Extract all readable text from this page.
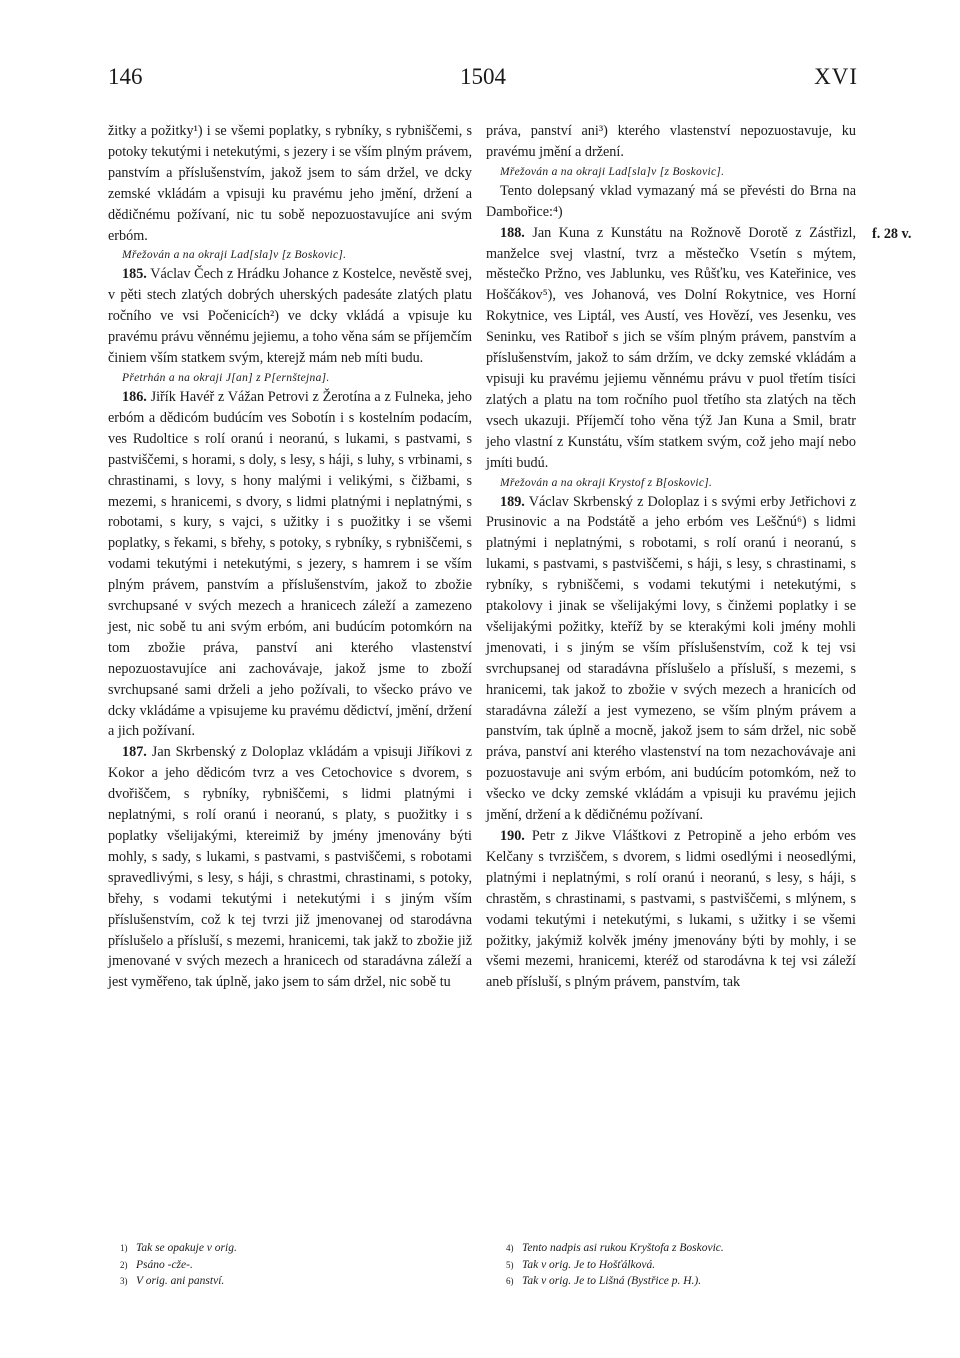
146	1504	XVI
f. 28 v.

žitky a požitky¹) i se všemi poplatky, s rybníky, s rybniščemi, s potoky tekutými i netekutými, s jezery i se vším plným právem, panstvím a příslušenstvím, jakož jsem to sám držel, ve dcky zemské vkládám a vpisuji ku pravému jeho jmění, držení a dědičnému požívaní, nic tu sobě nepozuostavujíce ani svým erbóm.

Mřežován a na okraji Lad[sla]v [z Boskovic].

185. Václav Čech z Hrádku Johance z Kostelce, nevěstě svej, v pěti stech zlatých dobrých uherských padesáte zlatých platu ročního ve vsi Počenicích²) ve dcky vkládá a vpisuje ku pravému právu věnnému jejiemu, a toho věna sám se příjemčím činiem vším statkem svým, kterejž mám neb míti budu.

Přetrhán a na okraji J[an] z P[ernštejna].

186. Jiřík Havéř z Vážan Petrovi z Žerotína a z Fulneka, jeho erbóm a dědicóm budúcím ves Sobotín i s kostelním podacím, ves Rudoltice s rolí oranú i neoranú, s lukami, s pastvami, s pastviščemi, s horami, s doly, s lesy, s háji, s luhy, s vrbinami, s chrastinami, s lovy, s hony malými i velikými, s čižbami, s mezemi, s hranicemi, s dvory, s lidmi platnými i neplatnými, s robotami, s kury, s vajci, s užitky i s puožitky i se všemi poplatky, s řekami, s břehy, s potoky, s rybníky, s rybniščemi, s vodami tekutými i netekutými, s jezery, s hamrem i se vším plným právem, panstvím a příslušenstvím, jakož to zbožie svrchupsané v svých mezech a hranicech záleží a zamezeno jest, nic sobě tu ani svým erbóm, ani budúcím potomkórn na tom zbožie práva, panství ani kterého vlastenství nepozuostavujíce ani zachovávaje, jakož jsme to zboží svrchupsané sami drželi a jeho požívali, to všecko právo ve dcky vkládáme a vpisujeme ku pravému dědictví, jmění, držení a jich požívaní.

187. Jan Skrbenský z Doloplaz vkládám a vpisuji Jiříkovi z Kokor a jeho dědicóm tvrz a ves Cetochovice s dvorem, s dvořiščem, s rybníky, rybniščemi, s lidmi platnými i neplatnými, s rolí oranú i neoranú, s platy, s puožitky i s poplatky všelijakými, ktereimiž by jmény jmenovány býti mohly, s sady, s lukami, s pastvami, s pastviščemi, s robotami spravedlivými, s lesy, s háji, s chrastmi, chrastinami, s potoky, břehy, s vodami tekutými i netekutými i s jiným vším příslušenstvím, což k tej tvrzi již jmenovanej od starodávna příslušelo a přísluší, s mezemi, hranicemi, tak jakž to zbožie již jmenované v svých mezech a hranicech od staradávna záleží a jest vyměřeno, tak úplně, jako jsem to sám držel, nic sobě tu

práva, panství ani³) kterého vlastenství nepozuostavuje, ku pravému jmění a držení.

Mřežován a na okraji Lad[sla]v [z Boskovic].

Tento dolepsaný vklad vymazaný má se převésti do Brna na Dambořice:⁴)

188. Jan Kuna z Kunstátu na Rožnově Dorotě z Zástřizl, manželce svej vlastní, tvrz a městečko Vsetín s mýtem, městečko Pržno, ves Jablunku, ves Růšťku, ves Kateřinice, ves Hoščákov⁵), ves Johanová, ves Dolní Rokytnice, ves Horní Rokytnice, ves Liptál, ves Austí, ves Hovězí, ves Jesenku, ves Seninku, ves Ratiboř s jich se vším plným právem, panstvím a příslušenstvím, jakož to sám držím, ve dcky zemské vkládám a vpisuji ku pravému jejiemu věnnému právu v puol třetím tisíci zlatých a platu na tom ročního puol třetího sta zlatých na těch vsech ukazuji. Příjemčí toho věna týž Jan Kuna a Smil, bratr jeho vlastní z Kunstátu, vším statkem svým, což jeho mají nebo jmíti budú.

Mřežován a na okraji Krystof z B[oskovic].

189. Václav Skrbenský z Doloplaz i s svými erby Jetřichovi z Prusinovic a na Podstátě a jeho erbóm ves Leščnú⁶) s lidmi platnými i neplatnými, s robotami, s rolí oranú i neoranú, s lukami, s pastvami, s pastviščemi, s háji, s lesy, s chrastinami, s rybníky, s rybniščemi, s vodami tekutými i netekutými, s ptakolovy i jinak se všelijakými lovy, s činžemi poplatky i se všelijakými požitky, kteříž by se kterakými koli jmény mohli jmenovati, i s jiným se vším příslušenstvím, což k tej vsi svrchupsanej od staradávna příslušelo a přísluší, s mezemi, s hranicemi, tak jakož to zbožie v svých mezech a hranicích od staradávna záleží a jest vymezeno, se vším plným právem a panstvím, tak úplně a mocně, jakož jsem to sám držel, nic sobě práva, panství ani kterého vlastenství na tom nezachovávaje ani pozuostavuje ani svým erbóm, ani budúcím potomkóm, než to všecko ve dcky zemské vkládám a vpisuji ku pravému jejich jmění, držení a k dědičnému požívaní.

190. Petr z Jikve Vláštkovi z Petropině a jeho erbóm ves Kelčany s tvrziščem, s dvorem, s lidmi osedlými i neosedlými, platnými i neplatnými, s rolí oranú i neoranú, s lesy, s háji, s chrastěm, s chrastinami, s pastvami, s pastviščemi, s mlýnem, s vodami tekutými i netekutými, s lukami, s užitky i se všemi požitky, jakýmiž kolvěk jmény jmenovány býti by mohly, i se všemi mezemi, hranicemi, kteréž od starodávna k tej vsi záleží aneb přísluší, s plným právem, panstvím, tak

1) Tak se opakuje v orig.
2) Psáno -cže-.
3) V orig. ani panství.
4) Tento nadpis asi rukou Kryštofa z Boskovic.
5) Tak v orig. Je to Hošťálková.
6) Tak v orig. Je to Lišná (Bystřice p. H.).
